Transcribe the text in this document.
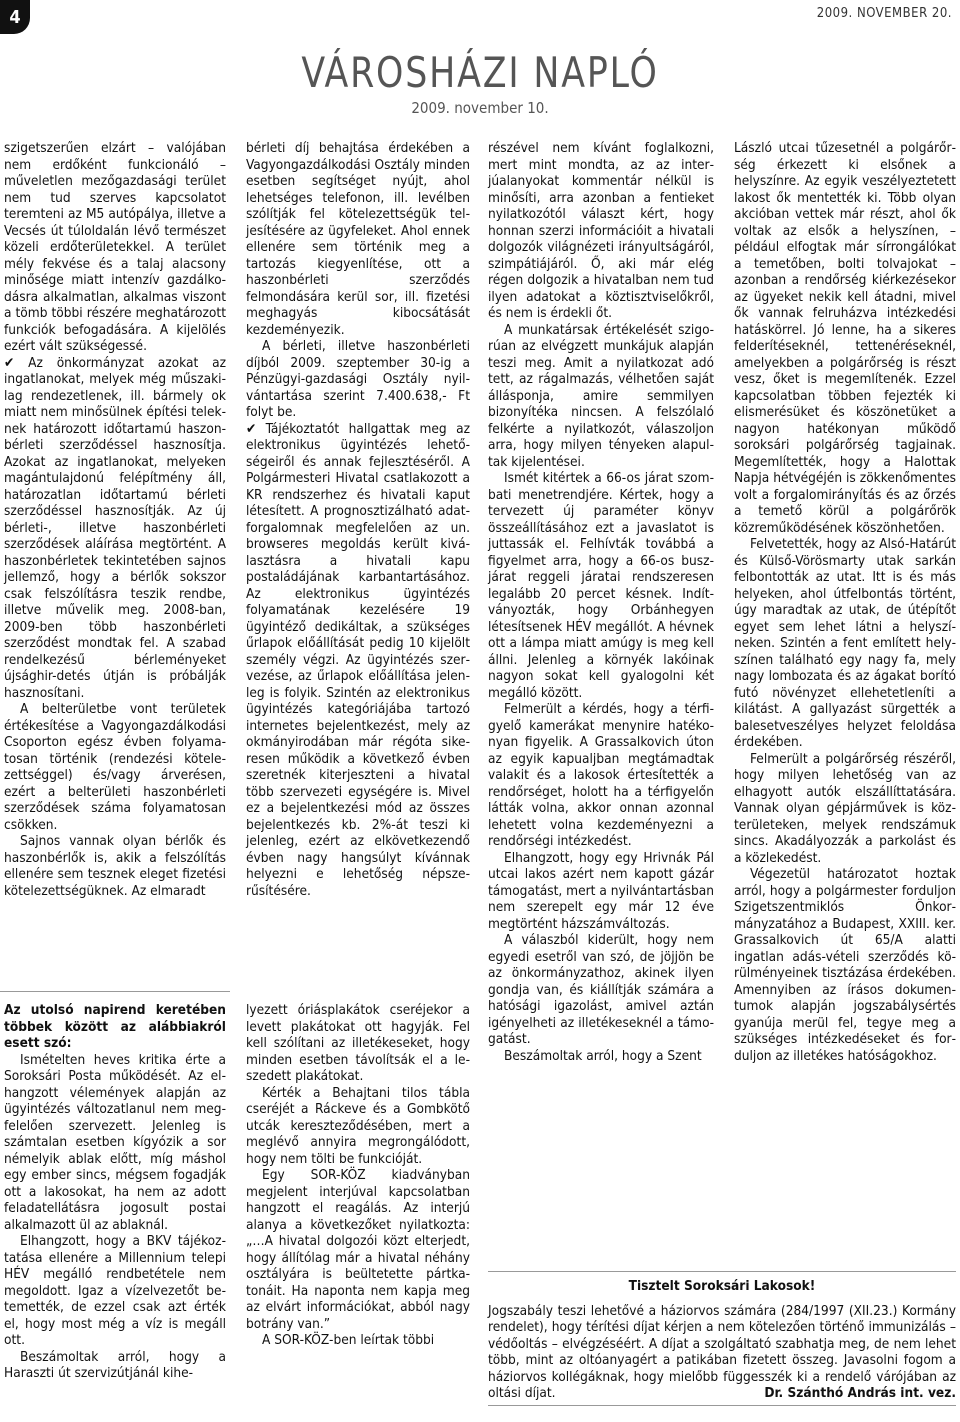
4	2009. NOVEMBER 20.
VÁROSHÁZI NAPLÓ
2009. november 10.

szigetszerűen elzárt – valójában nem erdőként funkcionáló – műveletlen mezőgazdasági terület nem tud szerves kapcsolatot teremteni az M5 autópálya, illetve a Vecsés út túloldalán lévő természet közeli erdőterületekkel. A terület mély fekvése és a talaj alacsony minősége miatt intenzív gazdálkodásra alkalmatlan, alkalmas viszont a tömb többi részére meghatározott funkciók befogadására. A kijelölés ezért vált szükségessé.

✔ Az önkormányzat azokat az ingatlanokat, melyek még műszakilag rendezetlenek, ill. bármely ok miatt nem minősülnek építési teleknek határozott időtartamú haszonbérleti szerződéssel hasznosítja. Azokat az ingatlanokat, melyeken magántulajdonú felépítmény áll, határozatlan időtartamú bérleti szerződéssel hasznosítják. Az új bérleti-, illetve haszonbérleti szerződések aláírása megtörtént. A haszonbérletek tekintetében sajnos jellemző, hogy a bérlők sokszor csak felszólításra teszik rendbe, illetve művelik meg. 2008-ban, 2009-ben több haszonbérleti szerződést mondtak fel. A szabad rendelkezésű bérleményeket újsághir-detés útján is próbálják hasznosítani.

A belterületbe vont területek értékesítése a Vagyongazdálkodási Csoporton egész évben folyamatosan történik (rendezési kötelezettséggel) és/vagy árverésen, ezért a belterületi haszonbérleti szerződések száma folyamatosan csökken.

Sajnos vannak olyan bérlők és haszonbérlők is, akik a felszólítás ellenére sem tesznek eleget fizetési kötelezettségüknek. Az elmaradt

bérleti díj behajtása érdekében a Vagyongazdálkodási Osztály minden esetben segítséget nyújt, ahol lehetséges telefonon, ill. levélben szólítják fel kötelezettségük teljesítésére az ügyfeleket. Ahol ennek ellenére sem történik meg a tartozás kiegyenlítése, ott a haszonbérleti szerződés felmondására kerül sor, ill. fizetési meghagyás kibocsátását kezdeményezik.

A bérleti, illetve haszonbérleti díjból 2009. szeptember 30-ig a Pénzügyi-gazdasági Osztály nyilvántartása szerint 7.400.638,- Ft folyt be.

✔ Tájékoztatót hallgattak meg az elektronikus ügyintézés lehetőségeiről és annak fejlesztéséről. A Polgármesteri Hivatal csatlakozott a KR rendszerhez és hivatali kaput létesített. A prognosztizálható adatforgalomnak megfelelően az un. browseres megoldás került kiválasztásra a hivatali kapu postaládájának karbantartásához. Az elektronikus ügyintézés folyamatának kezelésére 19 ügyintéző dedikáltak, a szükséges űrlapok előállítását pedig 10 kijelölt személy végzi. Az ügyintézés szervezése, az űrlapok előállítása jelenleg is folyik. Szintén az elektronikus ügyintézés kategóriájába tartozó internetes bejelentkezést, mely az okmányirodában már régóta sikeresen működik a következő évben szeretnék kiterjeszteni a hivatal több szervezeti egységére is. Mivel ez a bejelentkezési mód az összes bejelentkezés kb. 2%-át teszi ki jelenleg, ezért az elkövetkezendő évben nagy hangsúlyt kívánnak helyezni e lehetőség népszerűsítésére.

részével nem kívánt foglalkozni, mert mint mondta, az az interjúalanyokat kommentár nélkül is minősíti, arra azonban a fentieket nyilatkozótól választ kért, hogy honnan szerzi információit a hivatali dolgozók világnézeti irányultságáról, szimpátiájáról. Ő, aki már elég régen dolgozik a hivatalban nem tud ilyen adatokat a köztisztviselőkről, és nem is érdekli őt.

A munkatársak értékelését szigorúan az elvégzett munkájuk alapján teszi meg. Amit a nyilatkozat adó tett, az rágalmazás, vélhetően saját állásponja, amire semmilyen bizonyítéka nincsen. A felszólaló felkérte a nyilatkozót, válaszoljon arra, hogy milyen tényeken alapultak kijelentései.

Ismét kitértek a 66-os járat szombati menetrendjére. Kértek, hogy a tervezett új paraméter könyv összeállításához ezt a javaslatot is juttassák el. Felhívták továbbá a figyelmet arra, hogy a 66-os buszjárat reggeli járatai rendszeresen legalább 20 percet késnek. Indítványozták, hogy Orbánhegyen létesítsenek HÉV megállót. A hévnek ott a lámpa miatt amúgy is meg kell állni. Jelenleg a környék lakóinak nagyon sokat kell gyalogolni két megálló között.

Felmerült a kérdés, hogy a térfigyelő kamerákat menynire hatékonyan figyelik. A Grassalkovich úton az egyik kapualjban megtámadtak valakit és a lakosok értesítették a rendőrséget, holott ha a térfigyelőn látták volna, akkor onnan azonnal lehetett volna kezdeményezni a rendőrségi intézkedést.

Elhangzott, hogy egy Hrivnák Pál utcai lakos azért nem kapott gázár támogatást, mert a nyilvántartásban nem szerepelt egy már 12 éve megtörtént házszámváltozás.

A válaszból kiderült, hogy nem egyedi esetről van szó, de jöjjön be az önkormányzathoz, akinek ilyen gondja van, és kiállítják számára a hatósági igazolást, amivel aztán igényelheti az illetékeseknél a támogatást.

Beszámoltak arról, hogy a Szent

László utcai tűzesetnél a polgárőrség érkezett ki elsőnek a helyszínre. Az egyik veszélyeztetett lakost ők mentették ki. Több olyan akcióban vettek már részt, ahol ők voltak az elsők a helyszínen, – például elfogtak már sírrongálókat a temetőben, bolti tolvajokat – azonban a rendőrség kiérkezésekor az ügyeket nekik kell átadni, mivel ők vannak felruházva intézkedési hatáskörrel. Jó lenne, ha a sikeres felderítéseknél, tettenéréseknél, amelyekben a polgárőrség is részt vesz, őket is megemlítenék. Ezzel kapcsolatban többen fejezték ki elismerésüket és köszönetüket a nagyon hatékonyan működő soroksári polgárőrség tagjainak. Megemlítették, hogy a Halottak Napja hétvégéjén is zökkenőmentes volt a forgalomirányítás és az őrzés a temető körül a polgárőrök közreműködésének köszönhetően.

Felvetették, hogy az Alsó-Határút és Külső-Vörösmarty utak sarkán felbontották az utat. Itt is és más helyeken, ahol útfelbontás történt, úgy maradtak az utak, de útépítőt egyet sem lehet látni a helyszíneken. Szintén a fent említett helyszínen található egy nagy fa, mely nagy lombozata és az ágakat borító futó növényzet ellehetetleníti a kilátást. A gallyazást sürgették a balesetveszélyes helyzet feloldása érdekében.

Felmerült a polgárőrség részéről, hogy milyen lehetőség van az elhagyott autók elszállíttatására. Vannak olyan gépjárművek is közterületeken, melyek rendszámuk sincs. Akadályozzák a parkolást és a közlekedést.

Végezetül határozatot hoztak arról, hogy a polgármester forduljon Szigetszentmiklós Önkormányzatához a Budapest, XXIII. ker. Grassalkovich út 65/A alatti ingatlan adás-vételi szerződés körülményeinek tisztázása érdekében. Amennyiben az írásos dokumentumok alapján jogszabálysértés gyanúja merül fel, tegye meg a szükséges intézkedéseket és forduljon az illetékes hatóságokhoz.

Az utolsó napirend keretében többek között az alábbiakról esett szó:

Ismételten heves kritika érte a Soroksári Posta működését. Az elhangzott vélemények alapján az ügyintézés változatlanul nem megfelelően szervezett. Jelenleg is számtalan esetben kígyózik a sor némelyik ablak előtt, míg máshol egy ember sincs, mégsem fogadják ott a lakosokat, ha nem az adott feladatellátásra jogosult postai alkalmazott ül az ablaknál.

Elhangzott, hogy a BKV tájékoztatása ellenére a Millennium telepi HÉV megálló rendbetétele nem megoldott. Igaz a vízelvezetőt betemették, de ezzel csak azt érték el, hogy most még a víz is megáll ott.

Beszámoltak arról, hogy a Haraszti út szervizútjánál kihe-

lyezett óriásplakátok cseréjekor a levett plakátokat ott hagyják. Fel kell szólítani az illetékeseket, hogy minden esetben távolítsák el a leszedett plakátokat.

Kérték a Behajtani tilos tábla cseréjét a Ráckeve és a Gombkötő utcák kereszteződésében, mert a meglévő annyira megrongálódott, hogy nem tölti be funkcióját.

Egy SOR-KÖZ kiadványban megjelent interjúval kapcsolatban hangzott el reagálás. Az interjú alanya a következőket nyilatkozta: „…A hivatal dolgozói közt elterjedt, hogy állítólag már a hivatal néhány osztályára is beültetette pártkatonáit. Ha naponta nem kapja meg az elvárt információkat, abból nagy botrány van.”

A SOR-KÖZ-ben leírtak többi

Tisztelt Soroksári Lakosok!
Jogszabály teszi lehetővé a háziorvos számára (284/1997 (XII.23.) Kormány rendelet), hogy térítési díjat kérjen a nem kötelezően történő immunizálás – védőoltás – elvégzéséért. A díjat a szolgáltató szabhatja meg, de nem lehet több, mint az oltóanyagért a patikában fizetett összeg. Javasolni fogom a háziorvos kollégáknak, hogy mielőbb függesszék ki a rendelő várójában az oltási díjat.	Dr. Szánthó András int. vez.
